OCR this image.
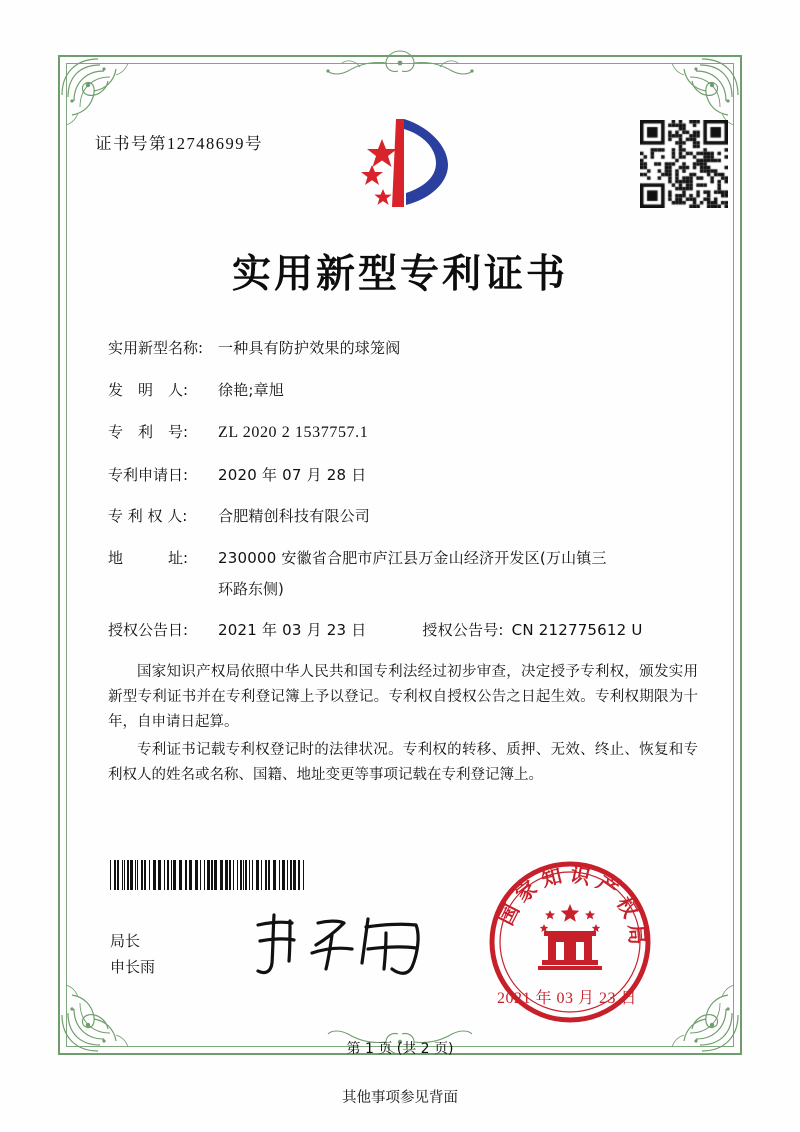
证书号第12748699号
实用新型专利证书
实用新型名称: 一种具有防护效果的球笼阀
发　明　人:	徐艳;章旭
专　利　号:	ZL 2020 2 1537757.1
专利申请日:	2020 年 07 月 28 日
专 利 权 人:	合肥精创科技有限公司
地　　　址:	230000 安徽省合肥市庐江县万金山经济开发区(万山镇三
环路东侧)
授权公告日:	2021 年 03 月 23 日	授权公告号: CN 212775612 U

国家知识产权局依照中华人民共和国专利法经过初步审查，决定授予专利权，颁发实用新型专利证书并在专利登记簿上予以登记。专利权自授权公告之日起生效。专利权期限为十年，自申请日起算。

专利证书记载专利权登记时的法律状况。专利权的转移、质押、无效、终止、恢复和专利权人的姓名或名称、国籍、地址变更等事项记载在专利登记簿上。

局长
申长雨
国家知识产权局
2021 年 03 月 23 日
第 1 页 (共 2 页)
其他事项参见背面
